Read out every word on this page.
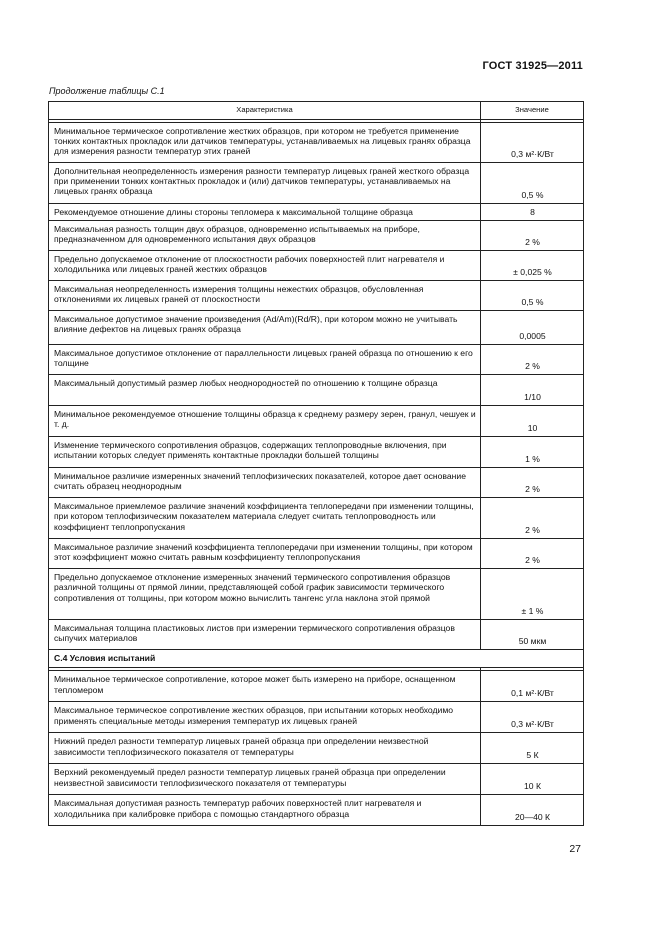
ГОСТ 31925—2011
Продолжение таблицы С.1
Характеристика	Значение

Минимальное термическое сопротивление жестких образцов, при котором не требуется применение тонких контактных прокладок или датчиков температуры, устанавливаемых на лицевых гранях образца для измерения разности температур этих граней	0,3 м²·К/Вт
Дополнительная неопределенность измерения разности температур лицевых граней жесткого образца при применении тонких контактных прокладок и (или) датчиков температуры, устанавливаемых на лицевых гранях образца	0,5 %
Рекомендуемое отношение длины стороны тепломера к максимальной толщине образца	8
Максимальная разность толщин двух образцов, одновременно испытываемых на приборе, предназначенном для одновременного испытания двух образцов	2 %
Предельно допускаемое отклонение от плоскостности рабочих поверхностей плит нагревателя и холодильника или лицевых граней жестких образцов	± 0,025 %
Максимальная неопределенность измерения толщины нежестких образцов, обусловленная отклонениями их лицевых граней от плоскостности	0,5 %
Максимальное допустимое значение произведения (Ad/Am)(Rd/R), при котором можно не учитывать влияние дефектов на лицевых гранях образца	0,0005
Максимальное допустимое отклонение от параллельности лицевых граней образца по отношению к его толщине	2 %
Максимальный допустимый размер любых неоднородностей по отношению к толщине образца	1/10
Минимальное рекомендуемое отношение толщины образца к среднему размеру зерен, гранул, чешуек и т. д.	10
Изменение термического сопротивления образцов, содержащих теплопроводные включения, при испытании которых следует применять контактные прокладки большей толщины	1 %
Минимальное различие измеренных значений теплофизических показателей, которое дает основание считать образец неоднородным	2 %
Максимальное приемлемое различие значений коэффициента теплопередачи при изменении толщины, при котором теплофизическим показателем материала следует считать теплопроводность или коэффициент теплопропускания	2 %
Максимальное различие значений коэффициента теплопередачи при изменении толщины, при котором этот коэффициент можно считать равным коэффициенту теплопропускания	2 %
Предельно допускаемое отклонение измеренных значений термического сопротивления образцов различной толщины от прямой линии, представляющей собой график зависимости термического сопротивления от толщины, при котором можно вычислить тангенс угла наклона этой прямой	± 1 %
Максимальная толщина пластиковых листов при измерении термического сопротивления образцов сыпучих материалов	50 мкм
С.4 Условия испытаний	

Минимальное термическое сопротивление, которое может быть измерено на приборе, оснащенном тепломером	0,1 м²·К/Вт
Максимальное термическое сопротивление жестких образцов, при испытании которых необходимо применять специальные методы измерения температур их лицевых граней	0,3 м²·К/Вт
Нижний предел разности температур лицевых граней образца при определении неизвестной зависимости теплофизического показателя от температуры	5 К
Верхний рекомендуемый предел разности температур лицевых граней образца при определении неизвестной зависимости теплофизического показателя от температуры	10 К
Максимальная допустимая разность температур рабочих поверхностей плит нагревателя и холодильника при калибровке прибора с помощью стандартного образца	20—40 К
27
